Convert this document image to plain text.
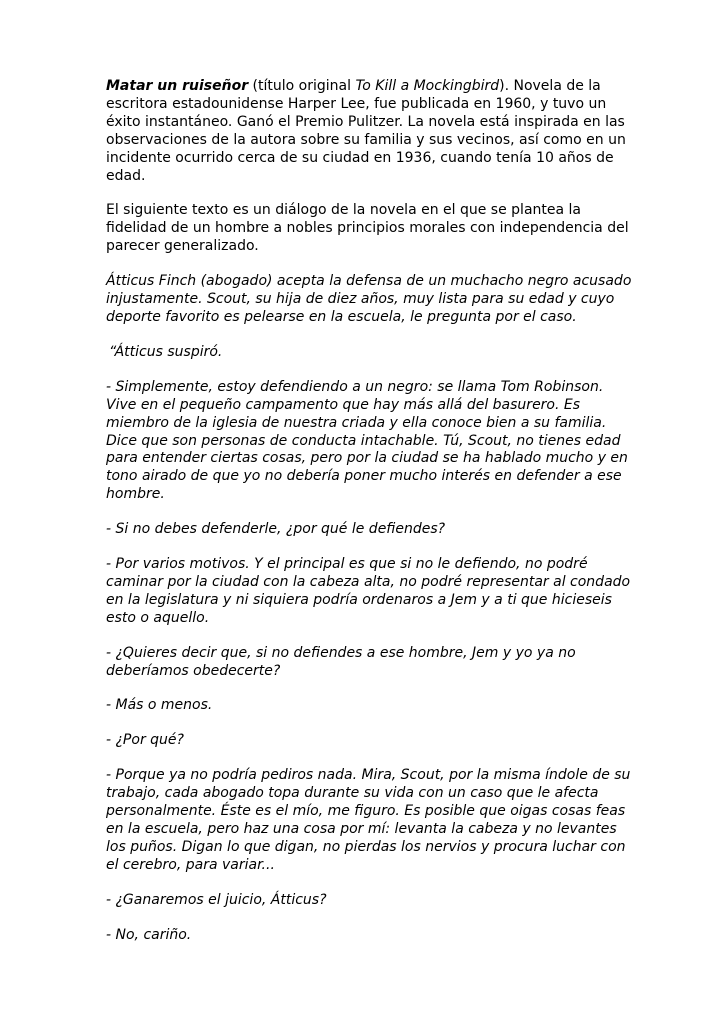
Matar un ruiseñor (título original To Kill a Mockingbird). Novela de la escritora estadounidense Harper Lee, fue publicada en 1960, y tuvo un éxito instantáneo. Ganó el Premio Pulitzer. La novela está inspirada en las observaciones de la autora sobre su familia y sus vecinos, así como en un incidente ocurrido cerca de su ciudad en 1936, cuando tenía 10 años de edad.

El siguiente texto es un diálogo de la novela en el que se plantea la fidelidad de un hombre a nobles principios morales con independencia del parecer generalizado.

Átticus Finch (abogado) acepta la defensa de un muchacho negro acusado injustamente. Scout, su hija de diez años, muy lista para su edad y cuyo deporte favorito es pelearse en la escuela, le pregunta por el caso.

“Átticus suspiró.

- Simplemente, estoy defendiendo a un negro: se llama Tom Robinson. Vive en el pequeño campamento que hay más allá del basurero. Es miembro de la iglesia de nuestra criada y ella conoce bien a su familia. Dice que son personas de conducta intachable. Tú, Scout, no tienes edad para entender ciertas cosas, pero por la ciudad se ha hablado mucho y en tono airado de que yo no debería poner mucho interés en defender a ese hombre.

- Si no debes defenderle, ¿por qué le defiendes?

- Por varios motivos. Y el principal es que si no le defiendo, no podré caminar por la ciudad con la cabeza alta, no podré representar al condado en la legislatura y ni siquiera podría ordenaros a Jem y a ti que hicieseis esto o aquello.

- ¿Quieres decir que, si no defiendes a ese hombre, Jem y yo ya no deberíamos obedecerte?

- Más o menos.

- ¿Por qué?

- Porque ya no podría pediros nada. Mira, Scout, por la misma índole de su trabajo, cada abogado topa durante su vida con un caso que le afecta personalmente. Éste es el mío, me figuro. Es posible que oigas cosas feas en la escuela, pero haz una cosa por mí: levanta la cabeza y no levantes los puños. Digan lo que digan, no pierdas los nervios y procura luchar con el cerebro, para variar...

- ¿Ganaremos el juicio, Átticus?

- No, cariño.
